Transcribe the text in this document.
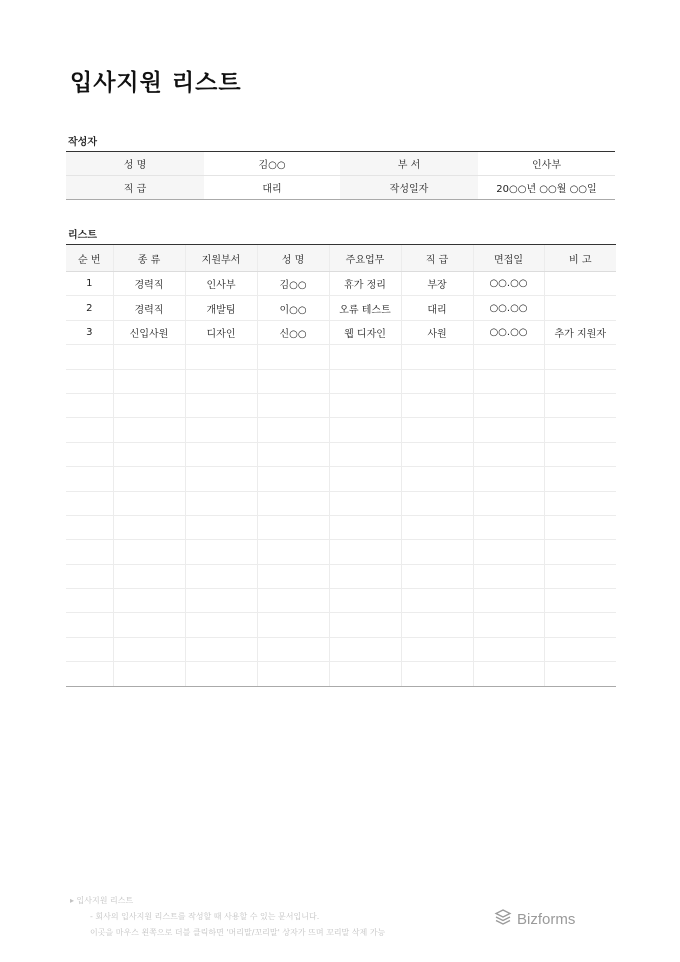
입사지원 리스트
작성자
성 명	김○○	부 서	인사부
직 급	대리	작성일자	20○○년 ○○월 ○○일
리스트
순 번	종 류	지원부서	성 명	주요업무	직 급	면접일	비 고
1	경력직	인사부	김○○	휴가 정리	부장	○○.○○	
2	경력직	개발팀	이○○	오류 테스트	대리	○○.○○	
3	신입사원	디자인	신○○	웹 디자인	사원	○○.○○	추가 지원자

▸ 입사지원 리스트
- 회사의 입사지원 리스트를 작성할 때 사용할 수 있는 문서입니다.
이곳을 마우스 왼쪽으로 더블 클릭하면 '머리말/꼬리말' 상자가 뜨며 꼬리말 삭제 가능
Bizforms
